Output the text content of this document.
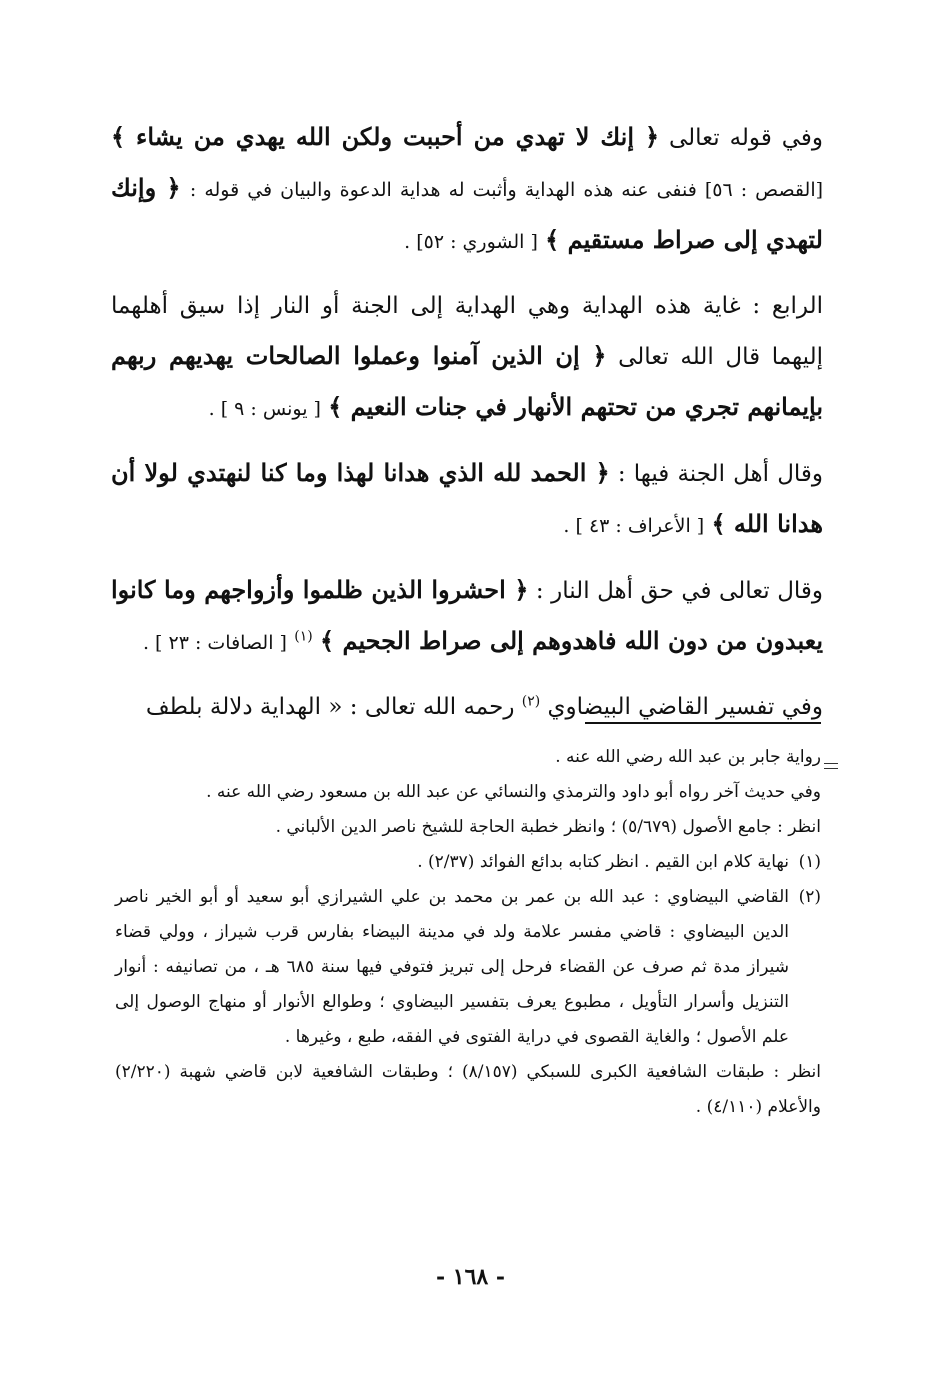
وفي قوله تعالى ﴿ إنك لا تهدي من أحببت ولكن الله يهدي من يشاء ﴾ [القصص : ٥٦] فنفى عنه هذه الهداية وأثبت له هداية الدعوة والبيان في قوله : ﴿ وإنك لتهدي إلى صراط مستقيم ﴾ [ الشوري : ٥٢] .

الرابع : غاية هذه الهداية وهي الهداية إلى الجنة أو النار إذا سيق أهلهما إليهما قال الله تعالى ﴿ إن الذين آمنوا وعملوا الصالحات يهديهم ربهم بإيمانهم تجري من تحتهم الأنهار في جنات النعيم ﴾ [ يونس : ٩ ] .

وقال أهل الجنة فيها : ﴿ الحمد لله الذي هدانا لهذا وما كنا لنهتدي لولا أن هدانا الله ﴾ [ الأعراف : ٤٣ ] .

وقال تعالى في حق أهل النار : ﴿ احشروا الذين ظلموا وأزواجهم وما كانوا يعبدون من دون الله فاهدوهم إلى صراط الجحيم ﴾ $^{(١)}$ [ الصافات : ٢٣ ] .

وفي تفسير القاضي البيضاوي $^{(٢)}$ رحمه الله تعالى : « الهداية دلالة بلطف

رواية جابر بن عبد الله رضي الله عنه .

وفي حديث آخر رواه أبو داود والترمذي والنسائي عن عبد الله بن مسعود رضي الله عنه .

انظر : جامع الأصول (٥/٦٧٩) ؛ وانظر خطبة الحاجة للشيخ ناصر الدين الألباني .

(١)
نهاية كلام ابن القيم . انظر كتابه بدائع الفوائد (٢/٣٧) .
(٢)
القاضي البيضاوي : عبد الله بن عمر بن محمد بن علي الشيرازي أبو سعيد أو أبو الخير ناصر الدين البيضاوي : قاضي مفسر علامة ولد في مدينة البيضاء بفارس قرب شيراز ، وولي قضاء شيراز مدة ثم صرف عن القضاء فرحل إلى تبريز فتوفي فيها سنة ٦٨٥ هـ ، من تصانيفه : أنوار التنزيل وأسرار التأويل ، مطبوع يعرف بتفسير البيضاوي ؛ وطوالع الأنوار أو منهاج الوصول إلى علم الأصول ؛ والغاية القصوى في دراية الفتوى في الفقه، طبع ، وغيرها .

انظر : طبقات الشافعية الكبرى للسبكي (٨/١٥٧) ؛ وطبقات الشافعية لابن قاضي شهبة (٢/٢٢٠) والأعلام (٤/١١٠) .

- ١٦٨ -
